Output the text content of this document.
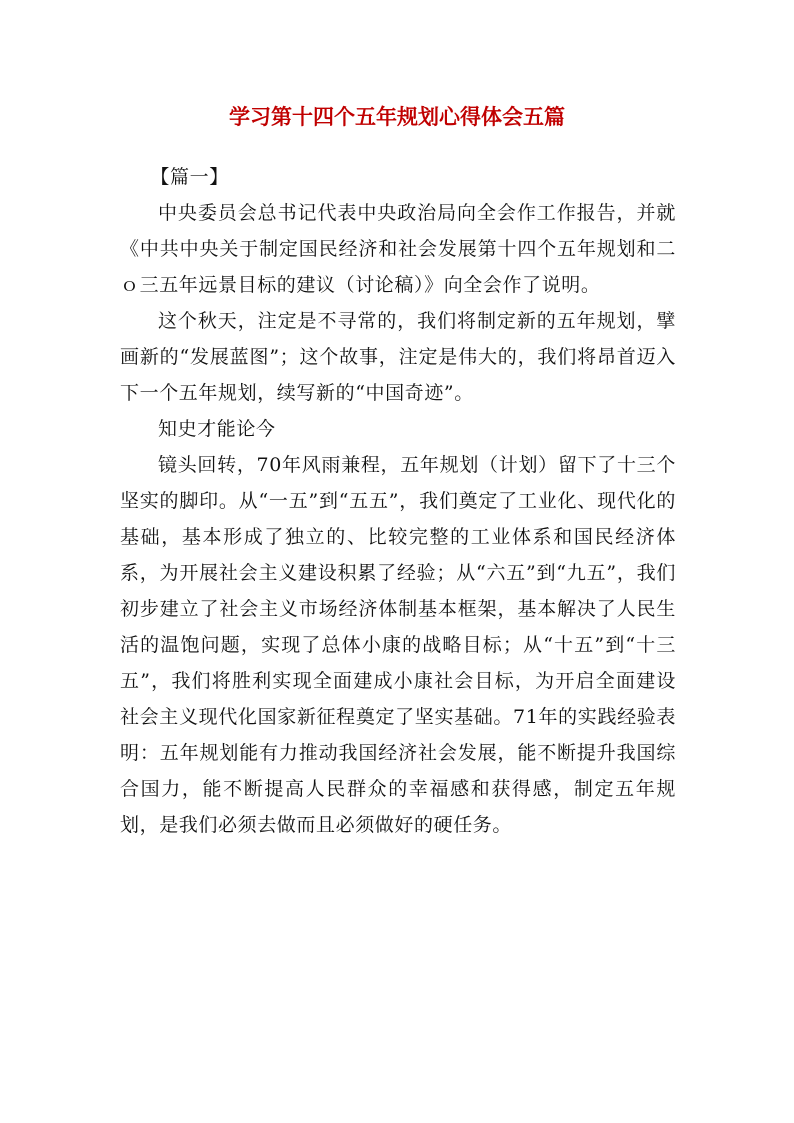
学习第十四个五年规划心得体会五篇

【篇一】

中央委员会总书记代表中央政治局向全会作工作报告，并就《中共中央关于制定国民经济和社会发展第十四个五年规划和二ｏ三五年远景目标的建议（讨论稿）》向全会作了说明。

这个秋天，注定是不寻常的，我们将制定新的五年规划，擘画新的“发展蓝图”；这个故事，注定是伟大的，我们将昂首迈入下一个五年规划，续写新的“中国奇迹”。

知史才能论今

镜头回转，70年风雨兼程，五年规划（计划）留下了十三个坚实的脚印。从“一五”到“五五”，我们奠定了工业化、现代化的基础，基本形成了独立的、比较完整的工业体系和国民经济体系，为开展社会主义建设积累了经验；从“六五”到“九五”，我们初步建立了社会主义市场经济体制基本框架，基本解决了人民生活的温饱问题，实现了总体小康的战略目标；从“十五”到“十三五”，我们将胜利实现全面建成小康社会目标，为开启全面建设社会主义现代化国家新征程奠定了坚实基础。71年的实践经验表明：五年规划能有力推动我国经济社会发展，能不断提升我国综合国力，能不断提高人民群众的幸福感和获得感，制定五年规划，是我们必须去做而且必须做好的硬任务。
